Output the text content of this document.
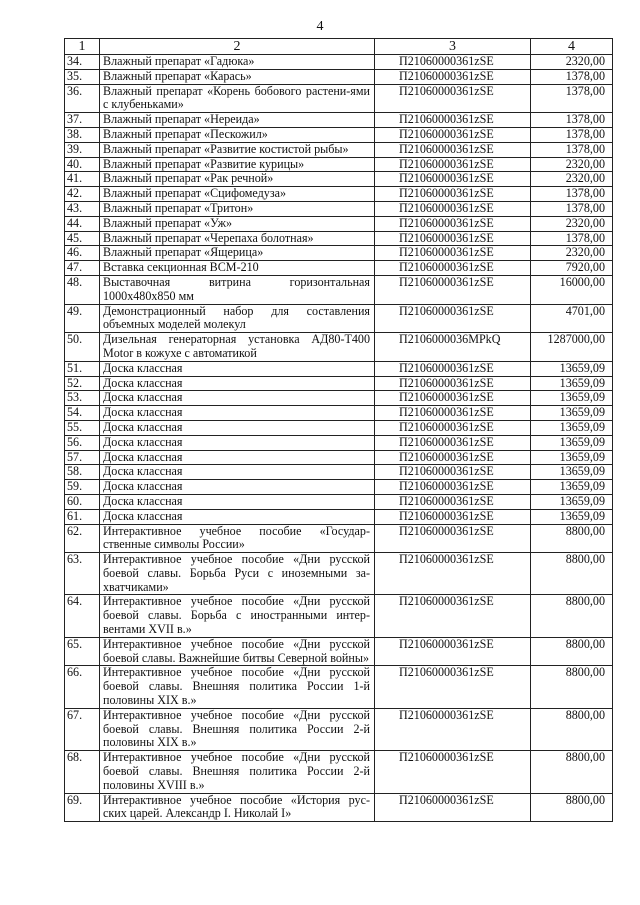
4
1	2	3	4
34.	Влажный препарат «Гадюка»	П21060000361zSE	2320,00
35.	Влажный препарат «Карась»	П21060000361zSE	1378,00
36.	Влажный препарат «Корень бобового растени-ями с клубеньками»	П21060000361zSE	1378,00
37.	Влажный препарат «Нереида»	П21060000361zSE	1378,00
38.	Влажный препарат «Пескожил»	П21060000361zSE	1378,00
39.	Влажный препарат «Развитие костистой рыбы»	П21060000361zSE	1378,00
40.	Влажный препарат «Развитие курицы»	П21060000361zSE	2320,00
41.	Влажный препарат «Рак речной»	П21060000361zSE	2320,00
42.	Влажный препарат «Сцифомедуза»	П21060000361zSE	1378,00
43.	Влажный препарат «Тритон»	П21060000361zSE	1378,00
44.	Влажный препарат «Уж»	П21060000361zSE	2320,00
45.	Влажный препарат «Черепаха болотная»	П21060000361zSE	1378,00
46.	Влажный препарат «Ящерица»	П21060000361zSE	2320,00
47.	Вставка секционная ВСМ-210	П21060000361zSE	7920,00
48.	Выставочная витрина горизонтальная 1000х480х850 мм	П21060000361zSE	16000,00
49.	Демонстрационный набор для составления объемных моделей молекул	П21060000361zSE	4701,00
50.	Дизельная генераторная установка АД80-Т400 Motor в кожухе с автоматикой	П2106000036MPkQ	1287000,00
51.	Доска классная	П21060000361zSE	13659,09
52.	Доска классная	П21060000361zSE	13659,09
53.	Доска классная	П21060000361zSE	13659,09
54.	Доска классная	П21060000361zSE	13659,09
55.	Доска классная	П21060000361zSE	13659,09
56.	Доска классная	П21060000361zSE	13659,09
57.	Доска классная	П21060000361zSE	13659,09
58.	Доска классная	П21060000361zSE	13659,09
59.	Доска классная	П21060000361zSE	13659,09
60.	Доска классная	П21060000361zSE	13659,09
61.	Доска классная	П21060000361zSE	13659,09
62.	Интерактивное учебное пособие «Государ-ственные символы России»	П21060000361zSE	8800,00
63.	Интерактивное учебное пособие «Дни русской боевой славы. Борьба Руси с иноземными за-хватчиками»	П21060000361zSE	8800,00
64.	Интерактивное учебное пособие «Дни русской боевой славы. Борьба с иностранными интер-вентами XVII в.»	П21060000361zSE	8800,00
65.	Интерактивное учебное пособие «Дни русской боевой славы. Важнейшие битвы Северной войны»	П21060000361zSE	8800,00
66.	Интерактивное учебное пособие «Дни русской боевой славы. Внешняя политика России 1-й половины XIX в.»	П21060000361zSE	8800,00
67.	Интерактивное учебное пособие «Дни русской боевой славы. Внешняя политика России 2-й половины XIX в.»	П21060000361zSE	8800,00
68.	Интерактивное учебное пособие «Дни русской боевой славы. Внешняя политика России 2-й половины XVIII в.»	П21060000361zSE	8800,00
69.	Интерактивное учебное пособие «История рус-ских царей. Александр I. Николай I»	П21060000361zSE	8800,00
